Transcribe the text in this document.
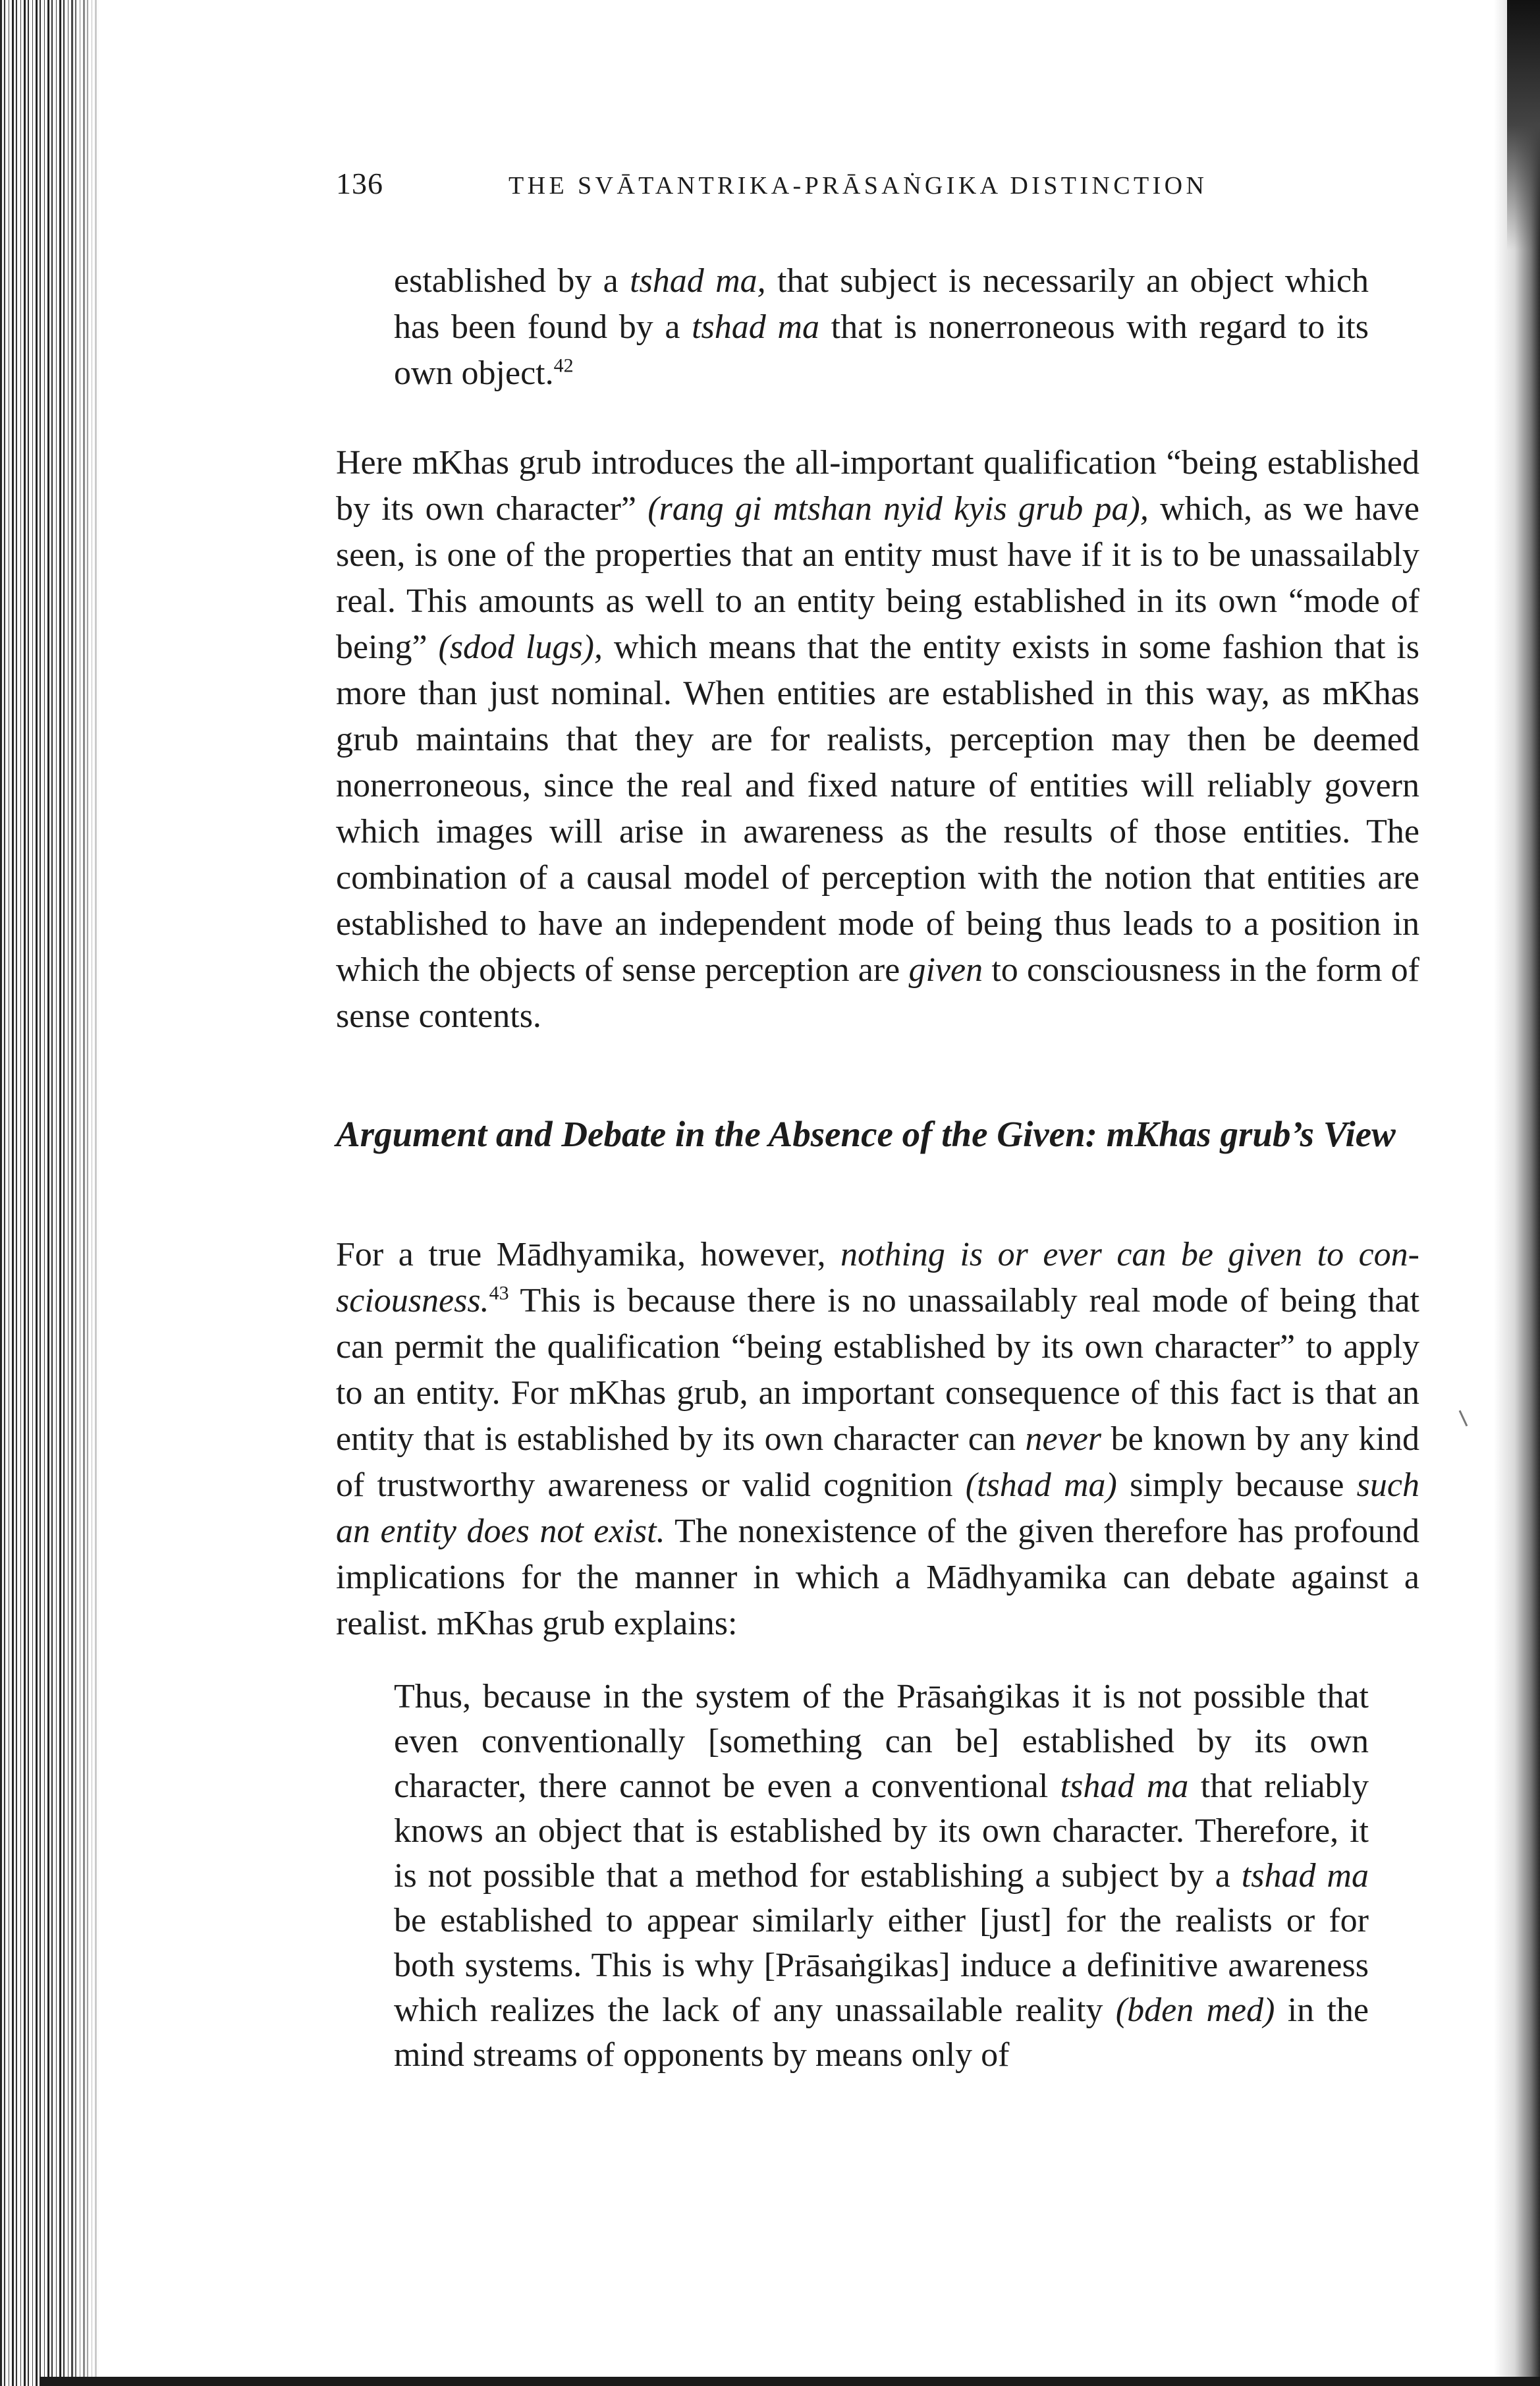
136	THE SVĀTANTRIKA-PRĀSAṄGIKA DISTINCTION

established by a tshad ma, that subject is necessarily an object which has been found by a tshad ma that is nonerroneous with regard to its own object.$^{42}$

Here mKhas grub introduces the all-important qualification “being established by its own character” (rang gi mtshan nyid kyis grub pa), which, as we have seen, is one of the properties that an entity must have if it is to be unassailably real. This amounts as well to an entity being established in its own “mode of being” (sdod lugs), which means that the entity exists in some fashion that is more than just nominal. When entities are established in this way, as mKhas grub maintains that they are for realists, perception may then be deemed nonerroneous, since the real and fixed nature of entities will reliably govern which images will arise in awareness as the results of those entities. The combination of a causal model of perception with the notion that entities are established to have an independent mode of being thus leads to a position in which the objects of sense perception are given to consciousness in the form of sense contents.

Argument and Debate in the Absence of the Given: mKhas grub’s View

For a true Mādhyamika, however, nothing is or ever can be given to consciousness.$^{43}$ This is because there is no unassailably real mode of being that can permit the qualification “being established by its own character” to apply to an entity. For mKhas grub, an important consequence of this fact is that an entity that is established by its own character can never be known by any kind of trustworthy awareness or valid cognition (tshad ma) simply because such an entity does not exist. The nonexistence of the given therefore has profound implications for the manner in which a Mādhyamika can debate against a realist. mKhas grub explains:

Thus, because in the system of the Prāsaṅgikas it is not possible that even conventionally [something can be] established by its own character, there cannot be even a conventional tshad ma that reliably knows an object that is established by its own character. Therefore, it is not possible that a method for establishing a subject by a tshad ma be established to appear similarly either [just] for the realists or for both systems. This is why [Prāsaṅgikas] induce a definitive awareness which realizes the lack of any unassailable reality (bden med) in the mind streams of opponents by means only of
